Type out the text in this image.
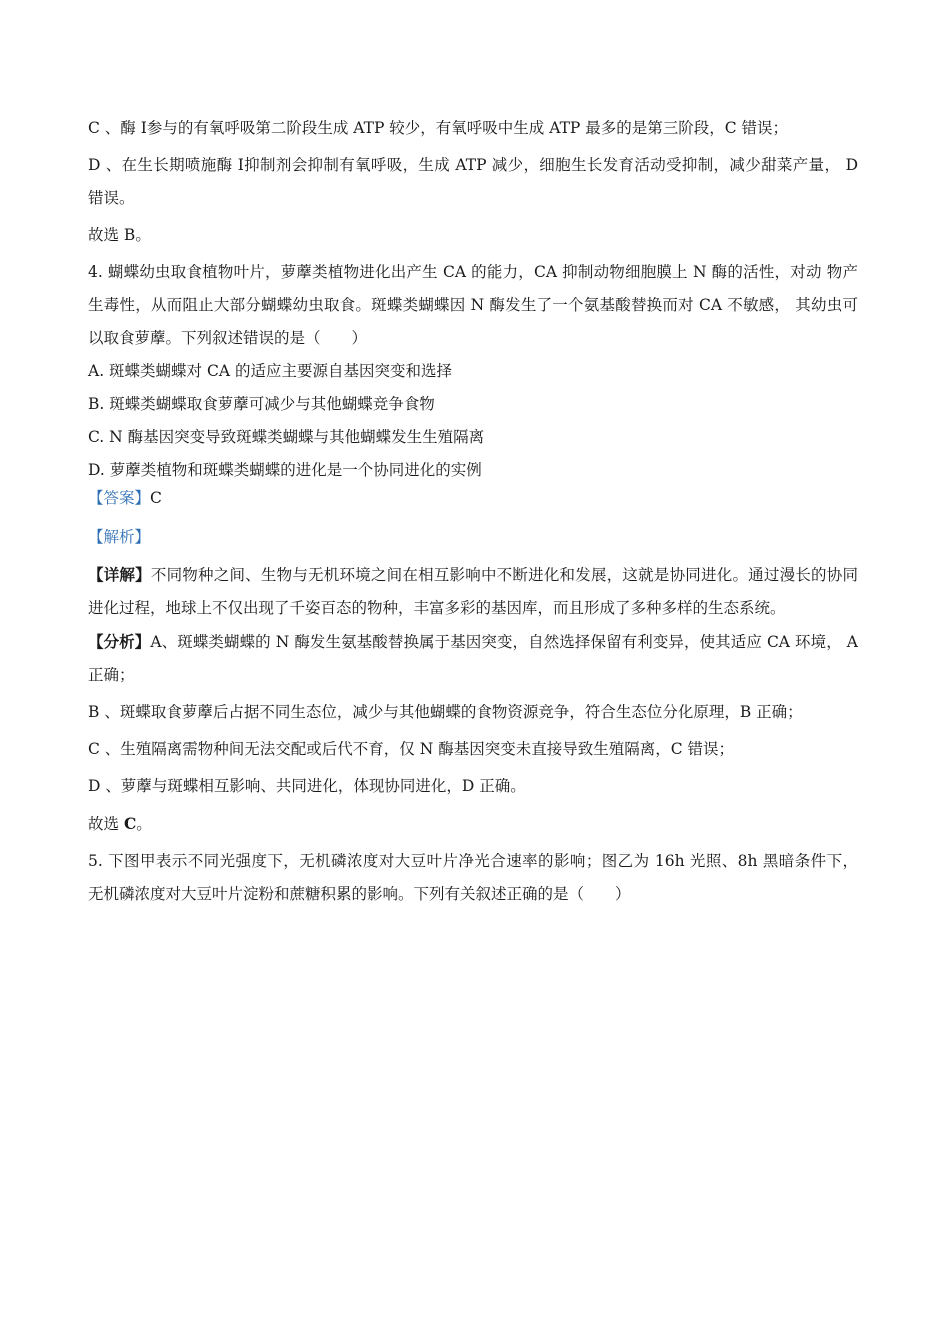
C 、酶 Ⅰ参与的有氧呼吸第二阶段生成 ATP 较少，有氧呼吸中生成 ATP 最多的是第三阶段，C 错误；

D 、在生长期喷施酶 Ⅰ抑制剂会抑制有氧呼吸，生成 ATP 减少，细胞生长发育活动受抑制，减少甜菜产量， D 错误。

故选 B。

4. 蝴蝶幼虫取食植物叶片，萝藦类植物进化出产生 CA 的能力，CA 抑制动物细胞膜上 N 酶的活性，对动 物产生毒性，从而阻止大部分蝴蝶幼虫取食。斑蝶类蝴蝶因 N 酶发生了一个氨基酸替换而对 CA 不敏感， 其幼虫可以取食萝藦。下列叙述错误的是（　　）

A. 斑蝶类蝴蝶对 CA 的适应主要源自基因突变和选择

B. 斑蝶类蝴蝶取食萝藦可减少与其他蝴蝶竞争食物

C. N 酶基因突变导致斑蝶类蝴蝶与其他蝴蝶发生生殖隔离

D. 萝藦类植物和斑蝶类蝴蝶的进化是一个协同进化的实例

【答案】C

【解析】

【详解】不同物种之间、生物与无机环境之间在相互影响中不断进化和发展，这就是协同进化。通过漫长的协同进化过程，地球上不仅出现了千姿百态的物种，丰富多彩的基因库，而且形成了多种多样的生态系统。

【分析】A、斑蝶类蝴蝶的 N 酶发生氨基酸替换属于基因突变，自然选择保留有利变异，使其适应 CA 环境， A 正确；

B 、斑蝶取食萝藦后占据不同生态位，减少与其他蝴蝶的食物资源竞争，符合生态位分化原理，B 正确；

C 、生殖隔离需物种间无法交配或后代不育，仅 N 酶基因突变未直接导致生殖隔离，C 错误；

D 、萝藦与斑蝶相互影响、共同进化，体现协同进化，D 正确。

故选 C。

5. 下图甲表示不同光强度下，无机磷浓度对大豆叶片净光合速率的影响；图乙为 16h 光照、8h 黑暗条件下， 无机磷浓度对大豆叶片淀粉和蔗糖积累的影响。下列有关叙述正确的是（　　）
